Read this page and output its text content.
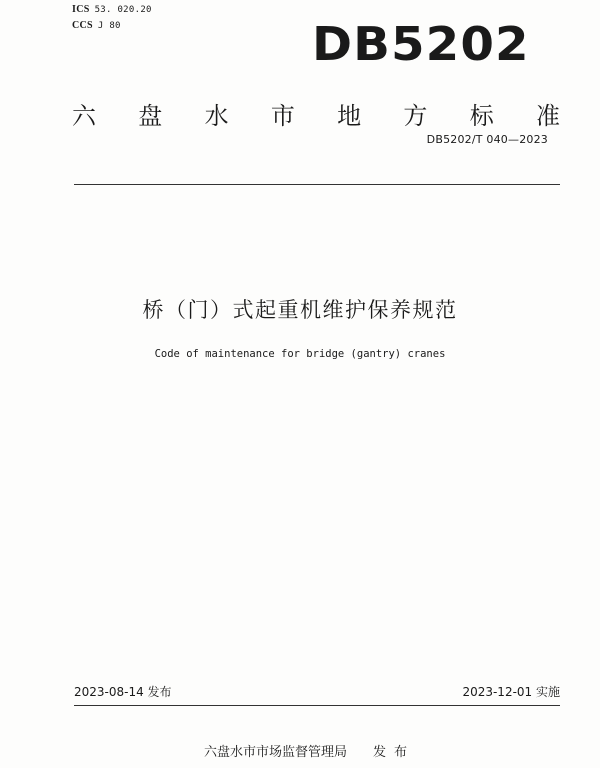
ICS 53. 020.20
CCS J 80	DB5202
六 盘 水 市 地 方 标 准
DB5202/T 040—2023
桥（门）式起重机维护保养规范
Code of maintenance for bridge (gantry) cranes
2023-08-14 发布	2023-12-01 实施
六盘水市市场监督管理局 发布
